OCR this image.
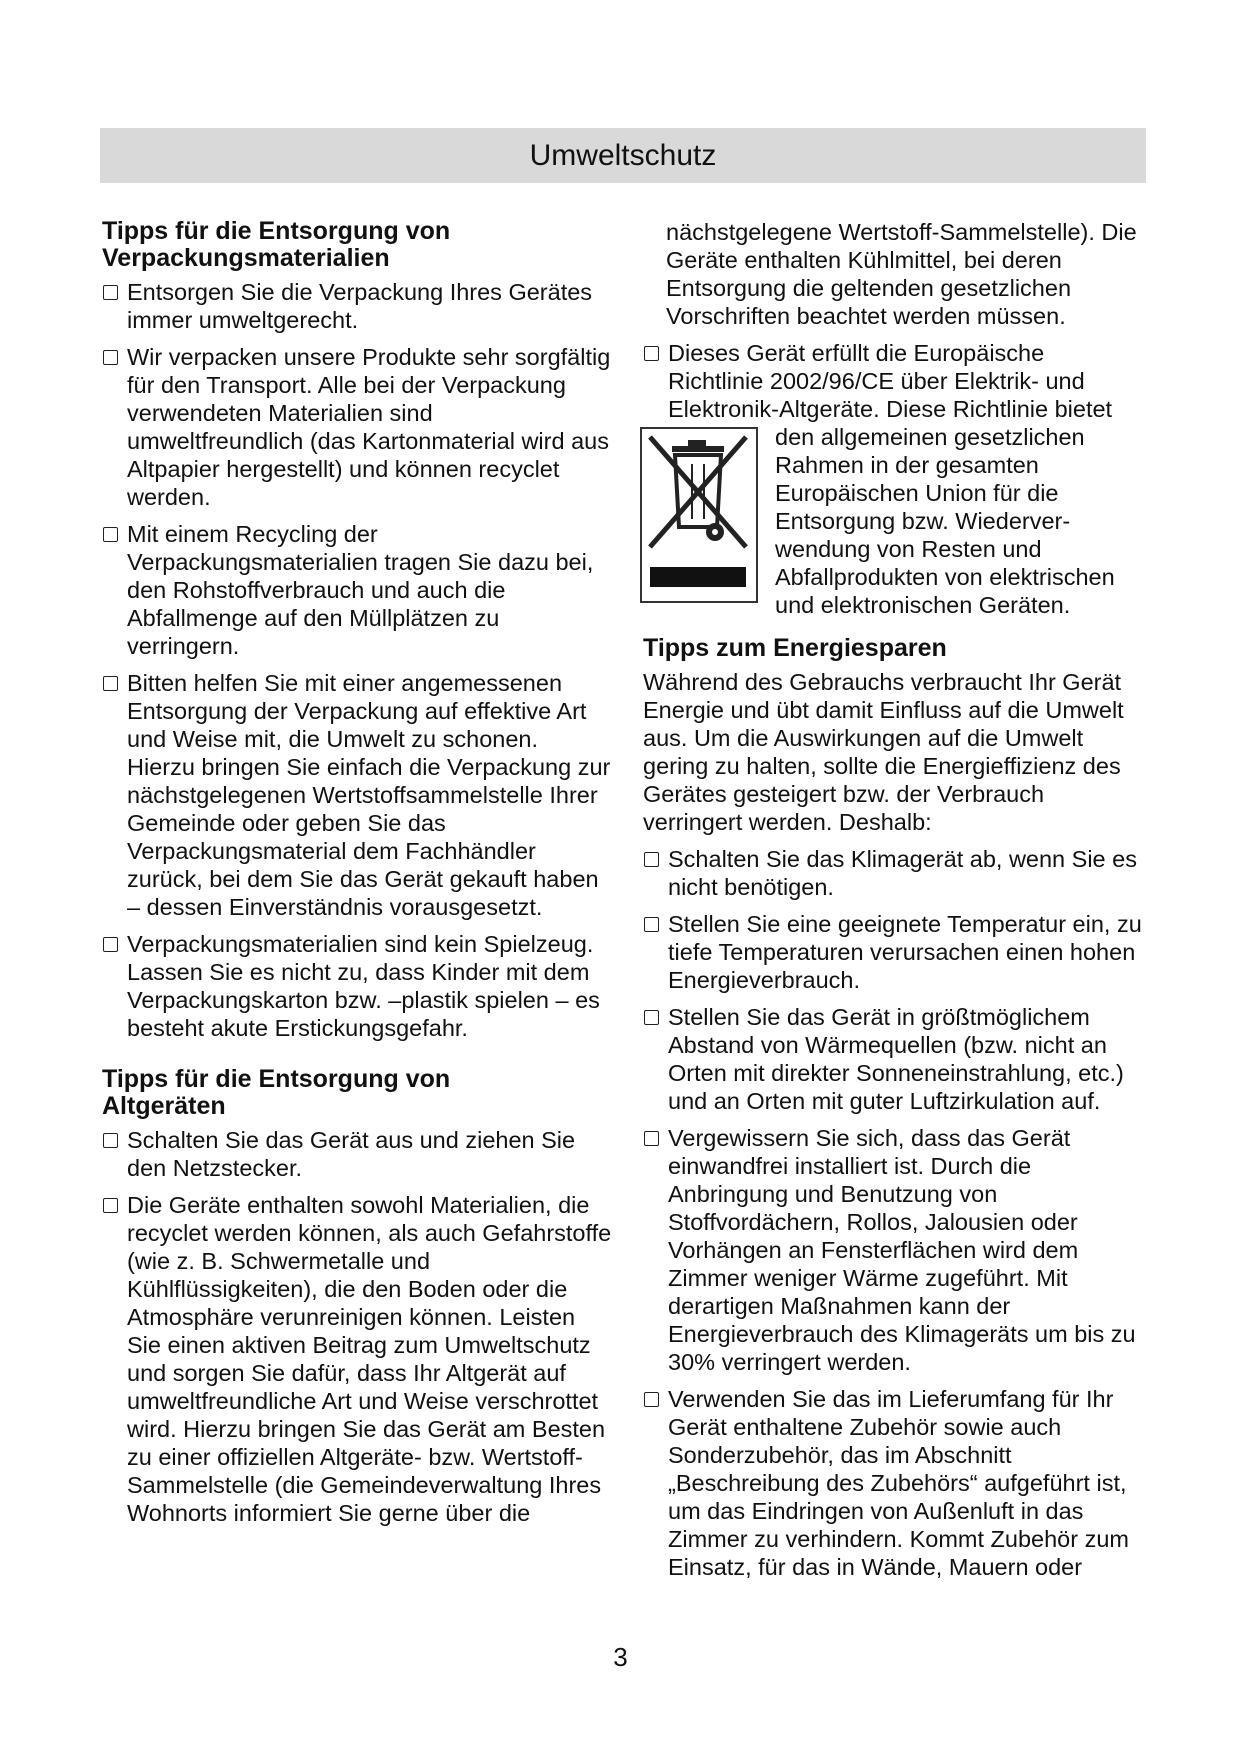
Umweltschutz
Tipps für die Entsorgung von
Verpackungsmaterialien
Entsorgen Sie die Verpackung Ihres Gerätes immer umweltgerecht.
Wir verpacken unsere Produkte sehr sorgfältig für den Transport. Alle bei der Verpackung verwendeten Materialien sind umweltfreundlich (das Kartonmaterial wird aus Altpapier hergestellt) und können recyclet werden.
Mit einem Recycling der Verpackungsmaterialien tragen Sie dazu bei, den Rohstoffverbrauch und auch die Abfallmenge auf den Müllplätzen zu verringern.
Bitten helfen Sie mit einer angemessenen Entsorgung der Verpackung auf effektive Art und Weise mit, die Umwelt zu schonen. Hierzu bringen Sie einfach die Verpackung zur nächstgelegenen Wertstoffsammelstelle Ihrer Gemeinde oder geben Sie das Verpackungsmaterial dem Fachhändler zurück, bei dem Sie das Gerät gekauft haben – dessen Einverständnis vorausgesetzt.
Verpackungsmaterialien sind kein Spielzeug. Lassen Sie es nicht zu, dass Kinder mit dem Verpackungskarton bzw. –plastik spielen – es besteht akute Erstickungsgefahr.
Tipps für die Entsorgung von
Altgeräten
Schalten Sie das Gerät aus und ziehen Sie den Netzstecker.
Die Geräte enthalten sowohl Materialien, die recyclet werden können, als auch Gefahrstoffe (wie z. B. Schwermetalle und Kühlflüssigkeiten), die den Boden oder die Atmosphäre verunreinigen können. Leisten Sie einen aktiven Beitrag zum Umweltschutz und sorgen Sie dafür, dass Ihr Altgerät auf umweltfreundliche Art und Weise verschrottet wird. Hierzu bringen Sie das Gerät am Besten zu einer offiziellen Altgeräte- bzw. Wertstoff-Sammelstelle (die Gemeindeverwaltung Ihres Wohnorts informiert Sie gerne über die
nächstgelegene Wertstoff-Sammelstelle). Die Geräte enthalten Kühlmittel, bei deren Entsorgung die geltenden gesetzlichen Vorschriften beachtet werden müssen.
Dieses Gerät erfüllt die Europäische Richtlinie 2002/96/CE über Elektrik- und Elektronik-Altgeräte. Diese Richtlinie bietet
den allgemeinen gesetzlichen Rahmen in der gesamten Europäischen Union für die Entsorgung bzw. Wiederver-wendung von Resten und Abfallprodukten von elektrischen und elektronischen Geräten.
Tipps zum Energiesparen

Während des Gebrauchs verbraucht Ihr Gerät Energie und übt damit Einfluss auf die Umwelt aus. Um die Auswirkungen auf die Umwelt gering zu halten, sollte die Energieffizienz des Gerätes gesteigert bzw. der Verbrauch verringert werden. Deshalb:

Schalten Sie das Klimagerät ab, wenn Sie es nicht benötigen.
Stellen Sie eine geeignete Temperatur ein, zu tiefe Temperaturen verursachen einen hohen Energieverbrauch.
Stellen Sie das Gerät in größtmöglichem Abstand von Wärmequellen (bzw. nicht an Orten mit direkter Sonneneinstrahlung, etc.) und an Orten mit guter Luftzirkulation auf.
Vergewissern Sie sich, dass das Gerät einwandfrei installiert ist. Durch die Anbringung und Benutzung von Stoffvordächern, Rollos, Jalousien oder Vorhängen an Fensterflächen wird dem Zimmer weniger Wärme zugeführt. Mit derartigen Maßnahmen kann der Energieverbrauch des Klimageräts um bis zu 30% verringert werden.
Verwenden Sie das im Lieferumfang für Ihr Gerät enthaltene Zubehör sowie auch Sonderzubehör, das im Abschnitt „Beschreibung des Zubehörs“ aufgeführt ist, um das Eindringen von Außenluft in das Zimmer zu verhindern. Kommt Zubehör zum Einsatz, für das in Wände, Mauern oder
3
